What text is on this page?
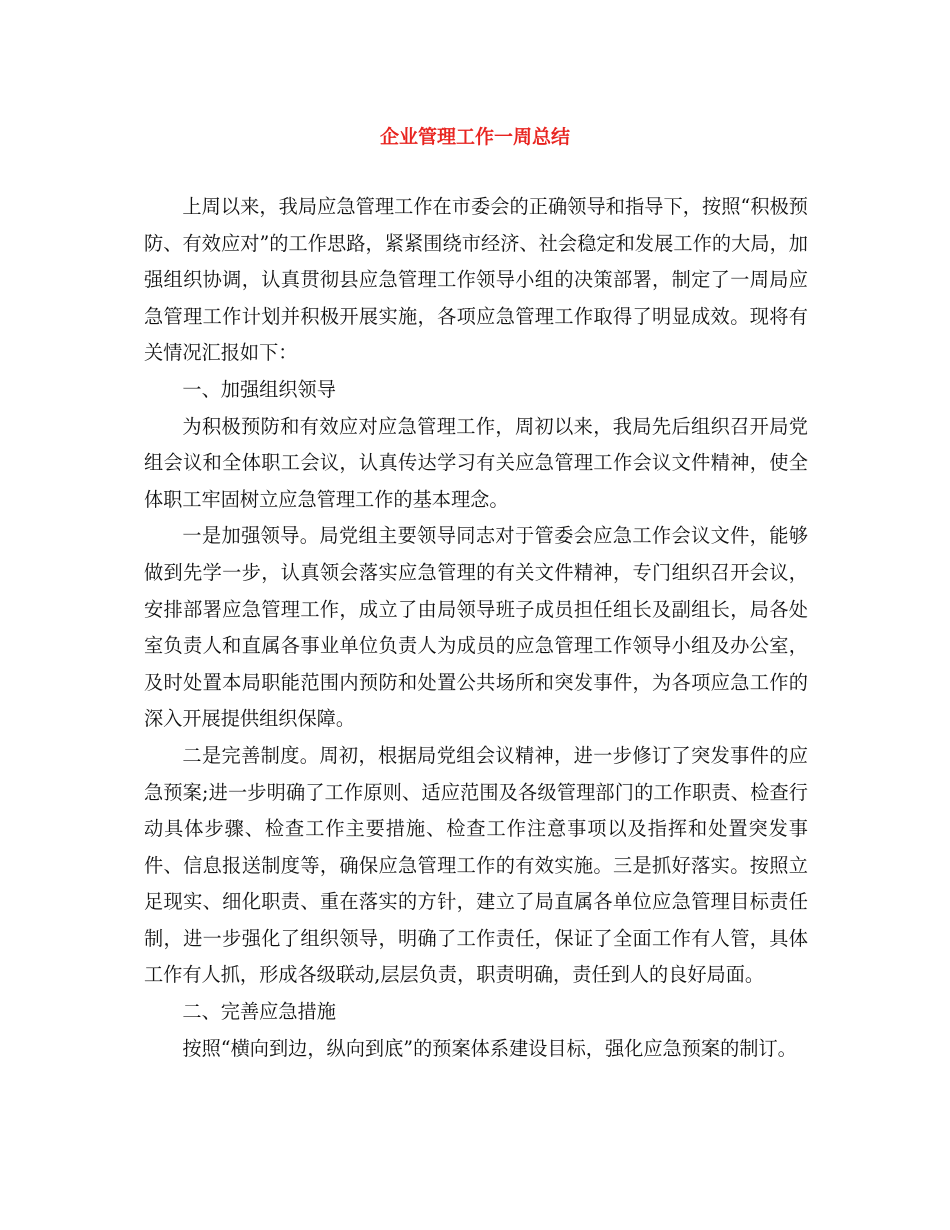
企业管理工作一周总结

上周以来，我局应急管理工作在市委会的正确领导和指导下，按照“积极预防、有效应对”的工作思路，紧紧围绕市经济、社会稳定和发展工作的大局，加强组织协调，认真贯彻县应急管理工作领导小组的决策部署，制定了一周局应急管理工作计划并积极开展实施，各项应急管理工作取得了明显成效。现将有关情况汇报如下：

一、加强组织领导

为积极预防和有效应对应急管理工作，周初以来，我局先后组织召开局党组会议和全体职工会议，认真传达学习有关应急管理工作会议文件精神，使全体职工牢固树立应急管理工作的基本理念。

一是加强领导。局党组主要领导同志对于管委会应急工作会议文件，能够做到先学一步，认真领会落实应急管理的有关文件精神，专门组织召开会议，安排部署应急管理工作，成立了由局领导班子成员担任组长及副组长，局各处室负责人和直属各事业单位负责人为成员的应急管理工作领导小组及办公室，及时处置本局职能范围内预防和处置公共场所和突发事件，为各项应急工作的深入开展提供组织保障。

二是完善制度。周初，根据局党组会议精神，进一步修订了突发事件的应急预案;进一步明确了工作原则、适应范围及各级管理部门的工作职责、检查行动具体步骤、检查工作主要措施、检查工作注意事项以及指挥和处置突发事件、信息报送制度等，确保应急管理工作的有效实施。三是抓好落实。按照立足现实、细化职责、重在落实的方针，建立了局直属各单位应急管理目标责任制，进一步强化了组织领导，明确了工作责任，保证了全面工作有人管，具体工作有人抓，形成各级联动,层层负责，职责明确，责任到人的良好局面。

二、完善应急措施

按照“横向到边，纵向到底”的预案体系建设目标，强化应急预案的制订。
